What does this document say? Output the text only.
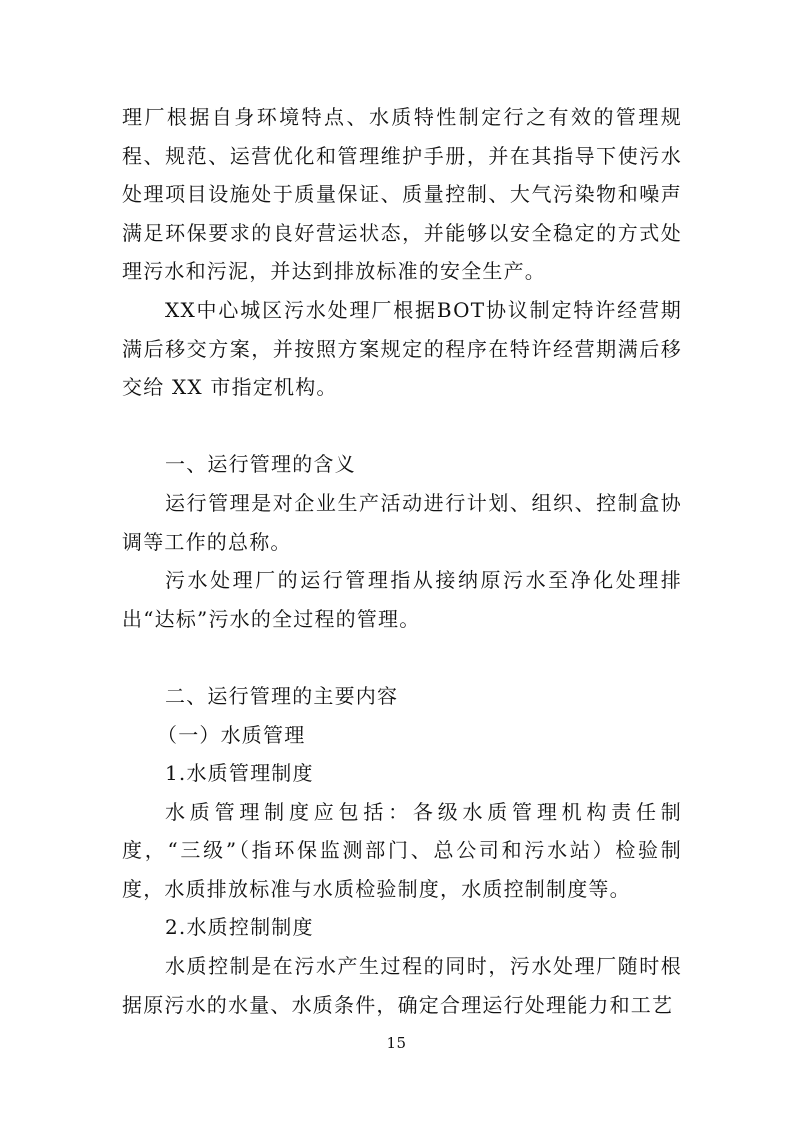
理厂根据自身环境特点、水质特性制定行之有效的管理规程、规范、运营优化和管理维护手册，并在其指导下使污水处理项目设施处于质量保证、质量控制、大气污染物和噪声满足环保要求的良好营运状态，并能够以安全稳定的方式处理污水和污泥，并达到排放标准的安全生产。

XX中心城区污水处理厂根据BOT协议制定特许经营期满后移交方案，并按照方案规定的程序在特许经营期满后移交给 XX 市指定机构。

一、运行管理的含义

运行管理是对企业生产活动进行计划、组织、控制盒协调等工作的总称。

污水处理厂的运行管理指从接纳原污水至净化处理排出“达标”污水的全过程的管理。

二、运行管理的主要内容

（一）水质管理

1.水质管理制度

水质管理制度应包括：各级水质管理机构责任制度，“三级”（指环保监测部门、总公司和污水站）检验制度，水质排放标准与水质检验制度，水质控制制度等。

2.水质控制制度

水质控制是在污水产生过程的同时，污水处理厂随时根据原污水的水量、水质条件，确定合理运行处理能力和工艺

15
